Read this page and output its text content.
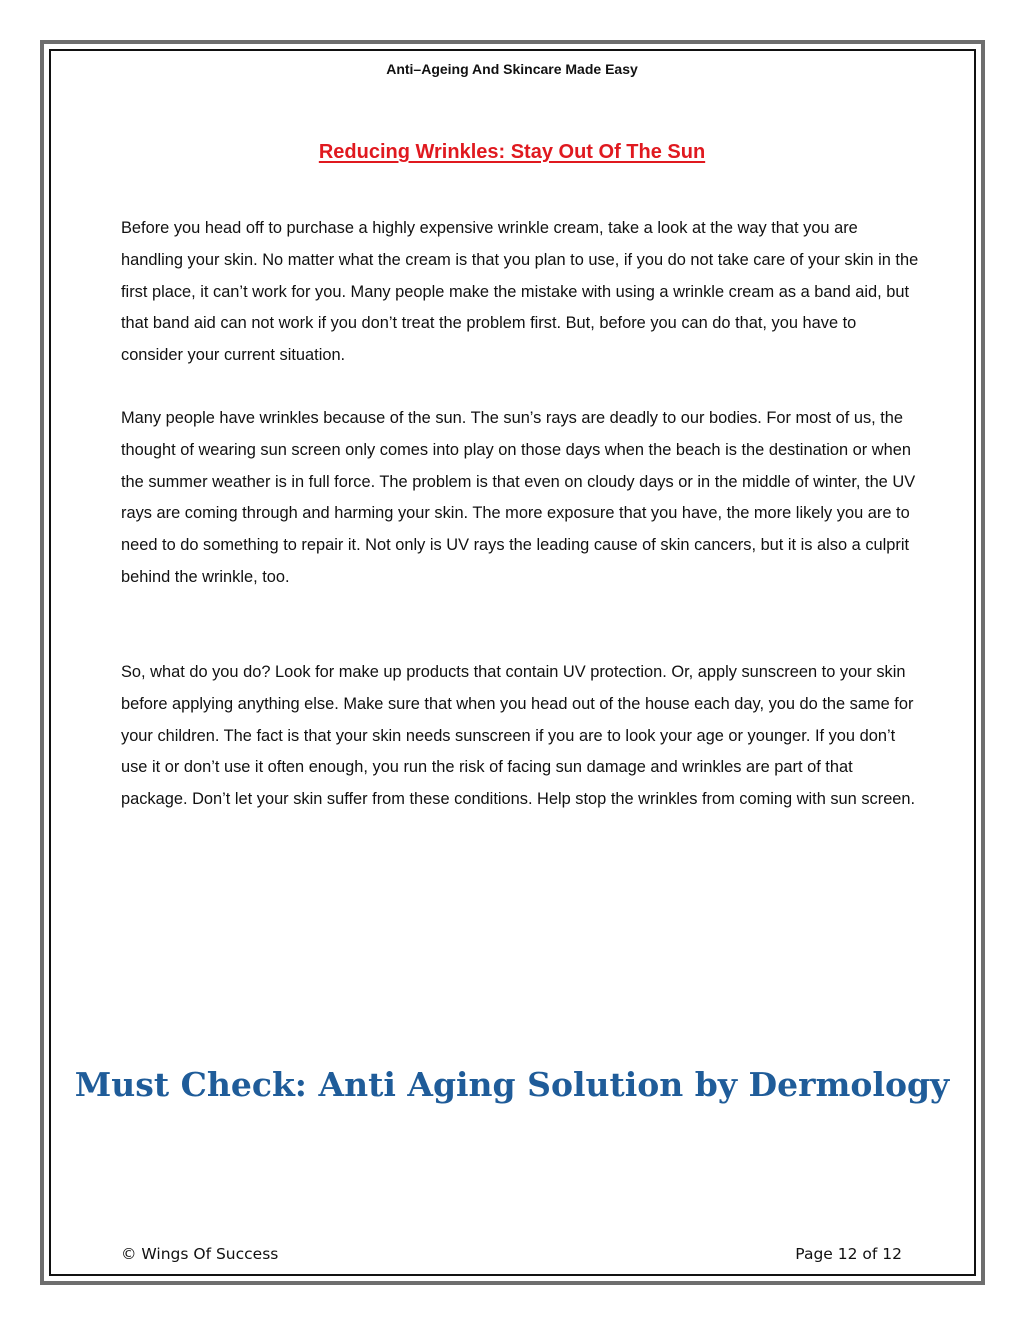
Anti–Ageing And Skincare Made Easy
Reducing Wrinkles: Stay Out Of The Sun

Before you head off to purchase a highly expensive wrinkle cream, take a look at the way that you are handling your skin. No matter what the cream is that you plan to use, if you do not take care of your skin in the first place, it can’t work for you. Many people make the mistake with using a wrinkle cream as a band aid, but that band aid can not work if you don’t treat the problem first. But, before you can do that, you have to consider your current situation.

Many people have wrinkles because of the sun. The sun’s rays are deadly to our bodies. For most of us, the thought of wearing sun screen only comes into play on those days when the beach is the destination or when the summer weather is in full force. The problem is that even on cloudy days or in the middle of winter, the UV rays are coming through and harming your skin. The more exposure that you have, the more likely you are to need to do something to repair it. Not only is UV rays the leading cause of skin cancers, but it is also a culprit behind the wrinkle, too.

So, what do you do? Look for make up products that contain UV protection. Or, apply sunscreen to your skin before applying anything else. Make sure that when you head out of the house each day, you do the same for your children. The fact is that your skin needs sunscreen if you are to look your age or younger. If you don’t use it or don’t use it often enough, you run the risk of facing sun damage and wrinkles are part of that package. Don’t let your skin suffer from these conditions. Help stop the wrinkles from coming with sun screen.

Must Check: Anti Aging Solution by Dermology
© Wings Of Success	Page 12 of 12
